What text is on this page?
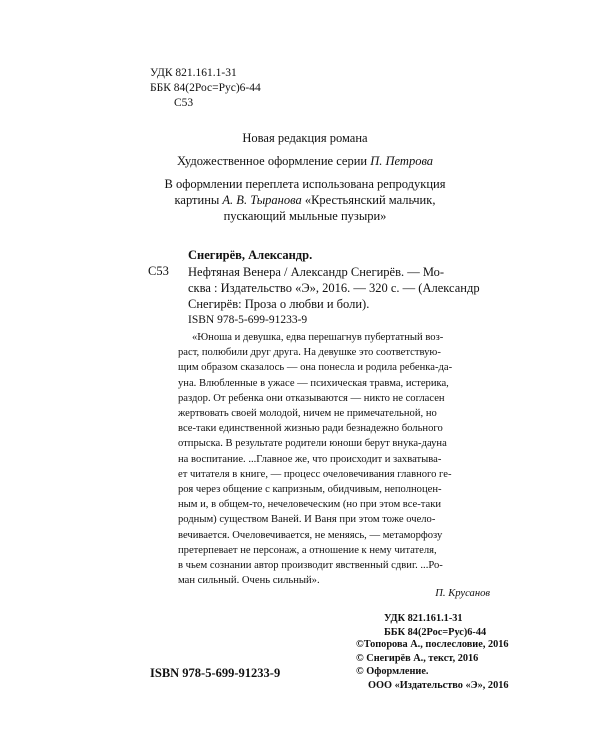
УДК 821.161.1-31
ББК 84(2Рос=Рус)6-44
С53
Новая редакция романа
Художественное оформление серии П. Петрова
В оформлении переплета использована репродукция
картины А. В. Тыранова «Крестьянский мальчик,
пускающий мыльные пузыри»
Снегирёв, Александр.
С53 Нефтяная Венера / Александр Снегирёв. — Мо-
сква : Издательство «Э», 2016. — 320 с. — (Александр
Снегирёв: Проза о любви и боли).
ISBN 978-5-699-91233-9
«Юноша и девушка, едва перешагнув пубертатный воз-
раст, полюбили друг друга. На девушке это соответствую-
щим образом сказалось — она понесла и родила ребенка-да-
уна. Влюбленные в ужасе — психическая травма, истерика,
раздор. От ребенка они отказываются — никто не согласен
жертвовать своей молодой, ничем не примечательной, но
все-таки единственной жизнью ради безнадежно больного
отпрыска. В результате родители юноши берут внука-дауна
на воспитание. ...Главное же, что происходит и захватыва-
ет читателя в книге, — процесс очеловечивания главного ге-
роя через общение с капризным, обидчивым, неполноцен-
ным и, в общем-то, нечеловеческим (но при этом все-таки
родным) существом Ваней. И Ваня при этом тоже очело-
вечивается. Очеловечивается, не меняясь, — метаморфозу
претерпевает не персонаж, а отношение к нему читателя,
в чьем сознании автор производит явственный сдвиг. ...Ро-
ман сильный. Очень сильный».
П. Крусанов
УДК 821.161.1-31
ББК 84(2Рос=Рус)6-44
ISBN 978-5-699-91233-9
©Топорова А., послесловие, 2016
© Снегирёв А., текст, 2016
© Оформление.
ООО «Издательство «Э», 2016
